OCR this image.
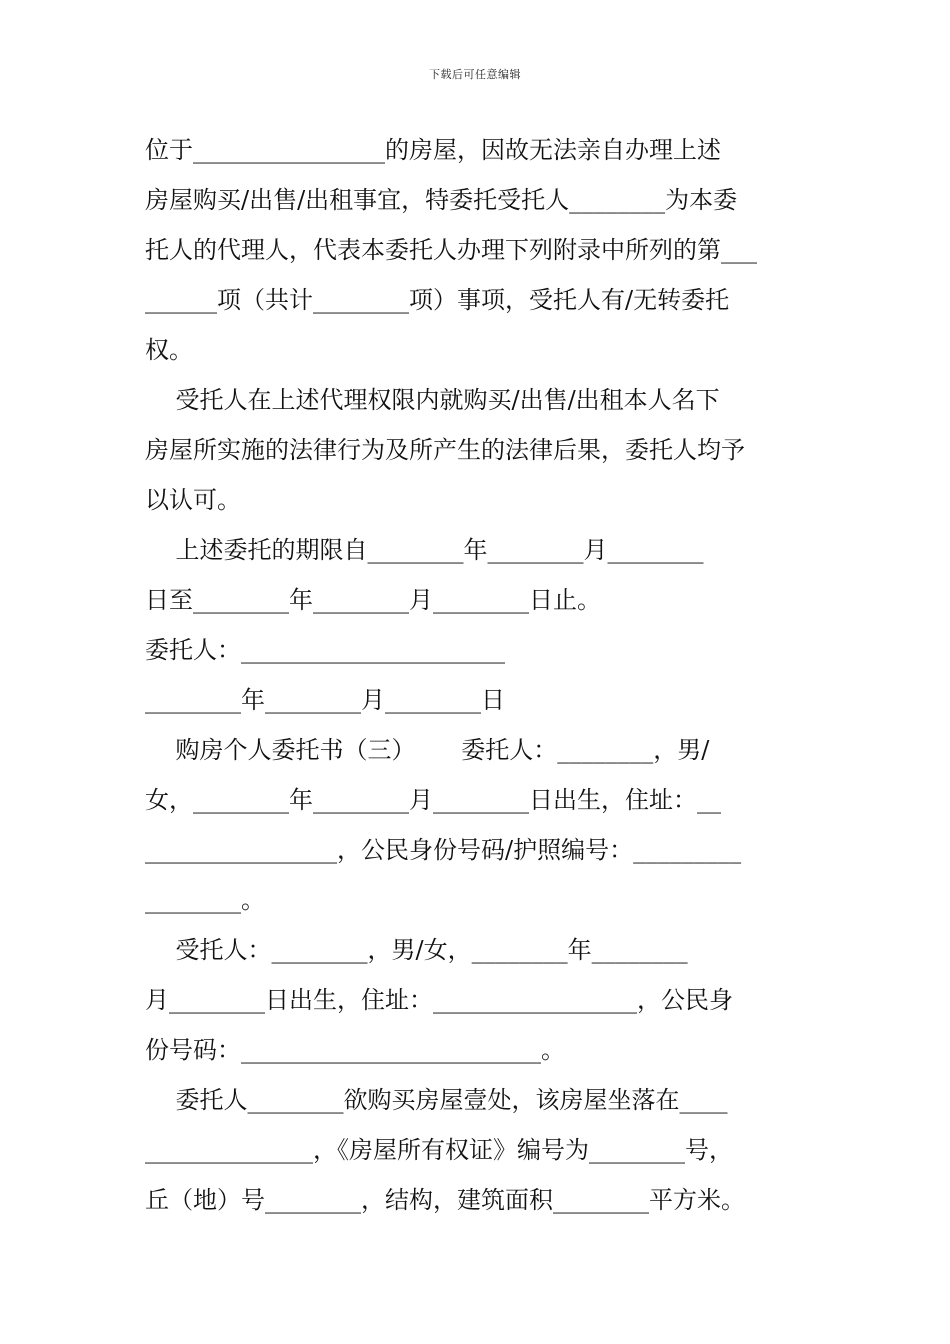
下载后可任意编辑
位于________________的房屋，因故无法亲自办理上述
房屋购买/出售/出租事宜，特委托受托人________为本委
托人的代理人，代表本委托人办理下列附录中所列的第___
______项（共计________项）事项，受托人有/无转委托
权。
受托人在上述代理权限内就购买/出售/出租本人名下
房屋所实施的法律行为及所产生的法律后果，委托人均予
以认可。
上述委托的期限自________年________月________
日至________年________月________日止。
委托人：______________________
________年________月________日
购房个人委托书（三）      委托人：________，男/
女，________年________月________日出生，住址：__
________________，公民身份号码/护照编号：_________
________。
受托人：________，男/女，________年________
月________日出生，住址：_________________，公民身
份号码：_________________________。
委托人________欲购买房屋壹处，该房屋坐落在____
______________，《房屋所有权证》编号为________号，
丘（地）号________，结构，建筑面积________平方米。
